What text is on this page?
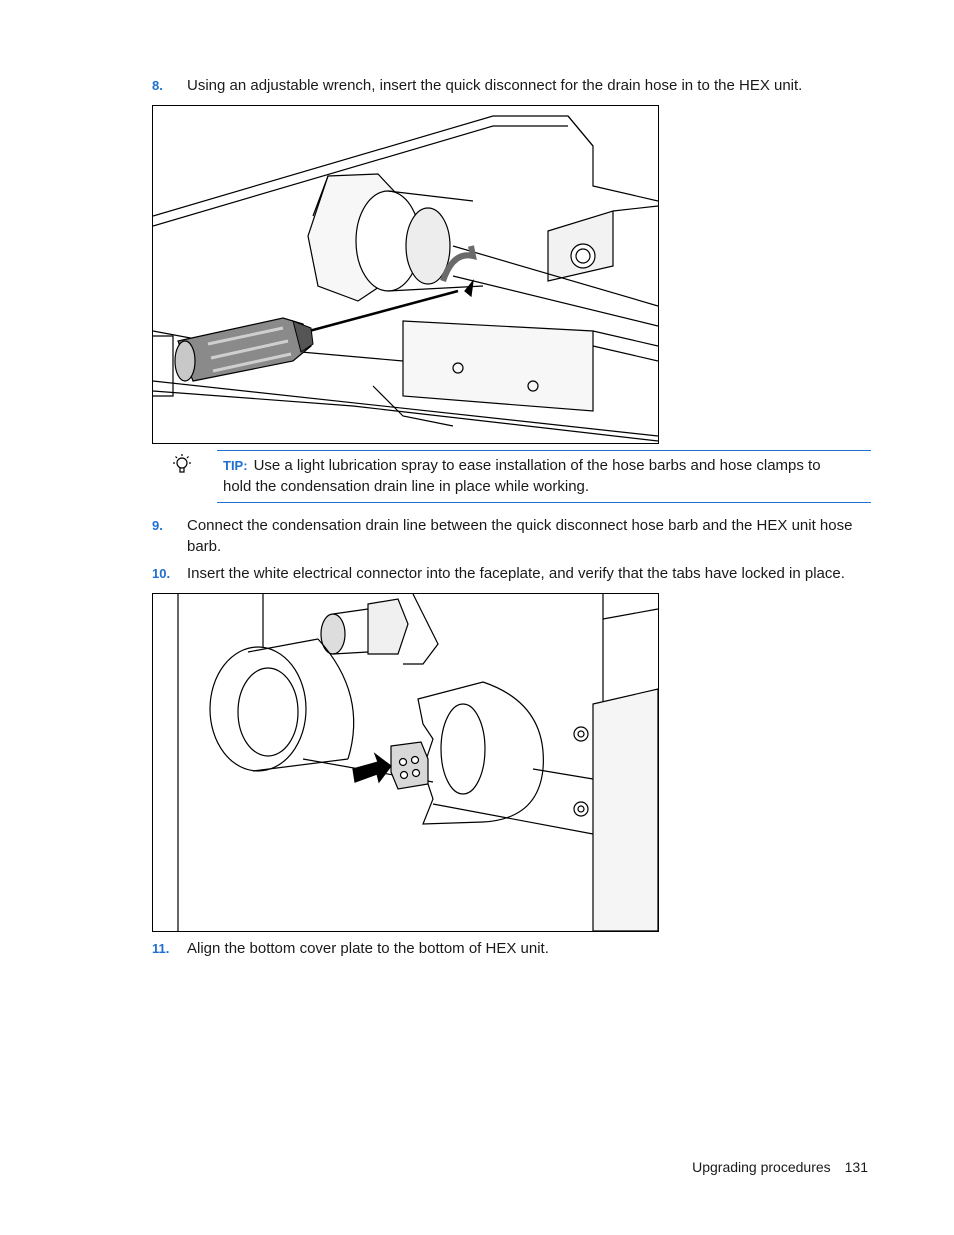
8. Using an adjustable wrench, insert the quick disconnect for the drain hose in to the HEX unit.
TIP: Use a light lubrication spray to ease installation of the hose barbs and hose clamps to hold the condensation drain line in place while working.
9. Connect the condensation drain line between the quick disconnect hose barb and the HEX unit hose barb.
10. Insert the white electrical connector into the faceplate, and verify that the tabs have locked in place.
11. Align the bottom cover plate to the bottom of HEX unit.
Upgrading procedures 131
